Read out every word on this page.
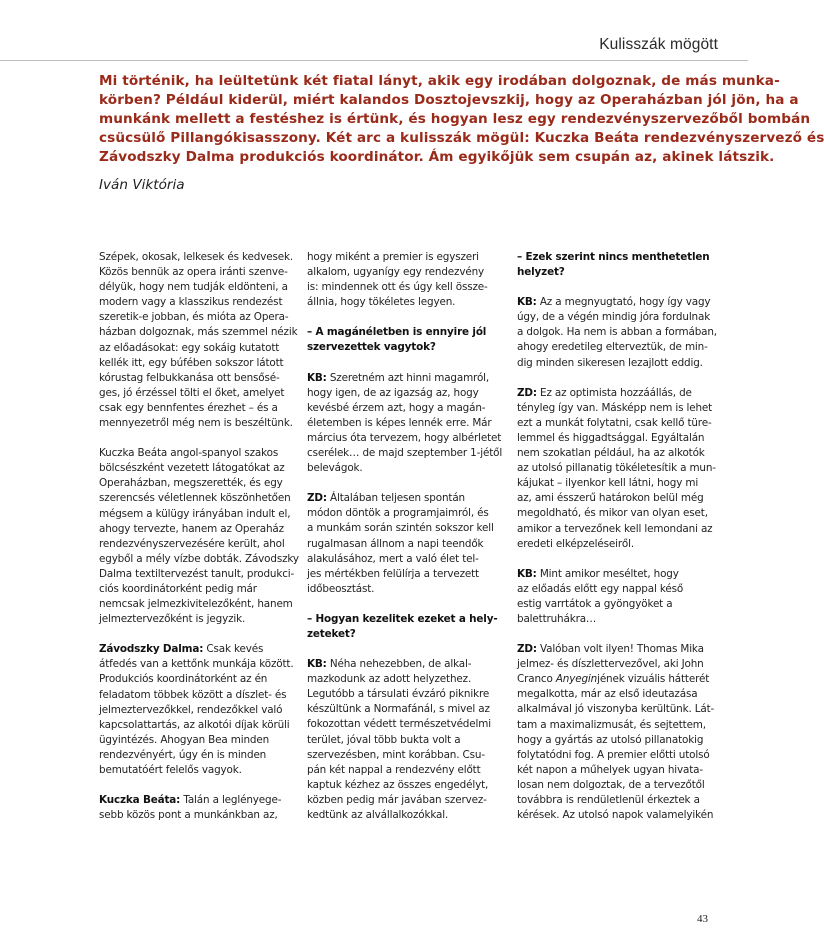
Kulisszák mögött

Mi történik, ha leültetünk két fiatal lányt, akik egy irodában dolgoznak, de más munka-

körben? Például kiderül, miért kalandos Dosztojevszkij, hogy az Operaházban jól jön, ha a

munkánk mellett a festéshez is értünk, és hogyan lesz egy rendezvényszervezőből bombán

csücsülő Pillangókisasszony. Két arc a kulisszák mögül: Kuczka Beáta rendezvényszervező és

Závodszky Dalma produkciós koordinátor. Ám egyikőjük sem csupán az, akinek látszik.

Iván Viktória

Szépek, okosak, lelkesek és kedvesek.
Közös bennük az opera iránti szenve-
délyük, hogy nem tudják eldönteni, a
modern vagy a klasszikus rendezést
szeretik-e jobban, és mióta az Opera-
házban dolgoznak, más szemmel nézik
az előadásokat: egy sokáig kutatott
kellék itt, egy búfében sokszor látott
kórustag felbukkanása ott bensősé-
ges, jó érzéssel tölti el őket, amelyet
csak egy bennfentes érezhet – és a
mennyezetről még nem is beszéltünk.

Kuczka Beáta angol-spanyol szakos
bölcsészként vezetett látogatókat az
Operaházban, megszerették, és egy
szerencsés véletlennek köszönhetően
mégsem a külügy irányában indult el,
ahogy tervezte, hanem az Operaház
rendezvényszervezésére került, ahol
egyből a mély vízbe dobták. Závodszky
Dalma textiltervezést tanult, produkci-
ciós koordinátorként pedig már
nemcsak jelmezkivitelezőként, hanem
jelmeztervezőként is jegyzik.

Závodszky Dalma: Csak kevés
átfedés van a kettőnk munkája között.
Produkciós koordinátorként az én
feladatom többek között a díszlet- és
jelmeztervezőkkel, rendezőkkel való
kapcsolattartás, az alkotói díjak körüli
ügyintézés. Ahogyan Bea minden
rendezvényért, úgy én is minden
bemutatóért felelős vagyok.

Kuczka Beáta: Talán a leglényege-
sebb közös pont a munkánkban az,

hogy miként a premier is egyszeri
alkalom, ugyanígy egy rendezvény
is: mindennek ott és úgy kell össze-
állnia, hogy tökéletes legyen.

– A magánéletben is ennyire jól
szervezettek vagytok?

KB: Szeretném azt hinni magamról,
hogy igen, de az igazság az, hogy
kevésbé érzem azt, hogy a magán-
életemben is képes lennék erre. Már
március óta tervezem, hogy albérletet
cserélek… de majd szeptember 1-jétől
belevágok.

ZD: Általában teljesen spontán
módon döntök a programjaimról, és
a munkám során szintén sokszor kell
rugalmasan állnom a napi teendők
alakulásához, mert a való élet tel-
jes mértékben felülírja a tervezett
időbeosztást.

– Hogyan kezelitek ezeket a hely-
zeteket?

KB: Néha nehezebben, de alkal-
mazkodunk az adott helyzethez.
Legutóbb a társulati évzáró piknikre
készültünk a Normafánál, s mivel az
fokozottan védett természetvédelmi
terület, jóval több bukta volt a
szervezésben, mint korábban. Csu-
pán két nappal a rendezvény előtt
kaptuk kézhez az összes engedélyt,
közben pedig már javában szervez-
kedtünk az alvállalkozókkal.

– Ezek szerint nincs menthetetlen
helyzet?

KB: Az a megnyugtató, hogy így vagy
úgy, de a végén mindig jóra fordulnak
a dolgok. Ha nem is abban a formában,
ahogy eredetileg elterveztük, de min-
dig minden sikeresen lezajlott eddig.

ZD: Ez az optimista hozzáállás, de
tényleg így van. Másképp nem is lehet
ezt a munkát folytatni, csak kellő türe-
lemmel és higgadtsággal. Egyáltalán
nem szokatlan például, ha az alkotók
az utolsó pillanatig tökéletesítik a mun-
kájukat – ilyenkor kell látni, hogy mi
az, ami ésszerű határokon belül még
megoldható, és mikor van olyan eset,
amikor a tervezőnek kell lemondani az
eredeti elképzeléseiről.

KB: Mint amikor meséltet, hogy
az előadás előtt egy nappal késő
estig varrtátok a gyöngyöket a
balettruhákra…

ZD: Valóban volt ilyen! Thomas Mika
jelmez- és díszlettervezővel, aki John
Cranco Anyeginjének vizuális hátterét
megalkotta, már az első ideutazása
alkalmával jó viszonyba kerültünk. Lát-
tam a maximalizmusát, és sejtettem,
hogy a gyártás az utolsó pillanatokig
folytatódni fog. A premier előtti utolsó
két napon a műhelyek ugyan hivata-
losan nem dolgoztak, de a tervezőtől
továbbra is rendületlenül érkeztek a
kérések. Az utolsó napok valamelyikén

43
